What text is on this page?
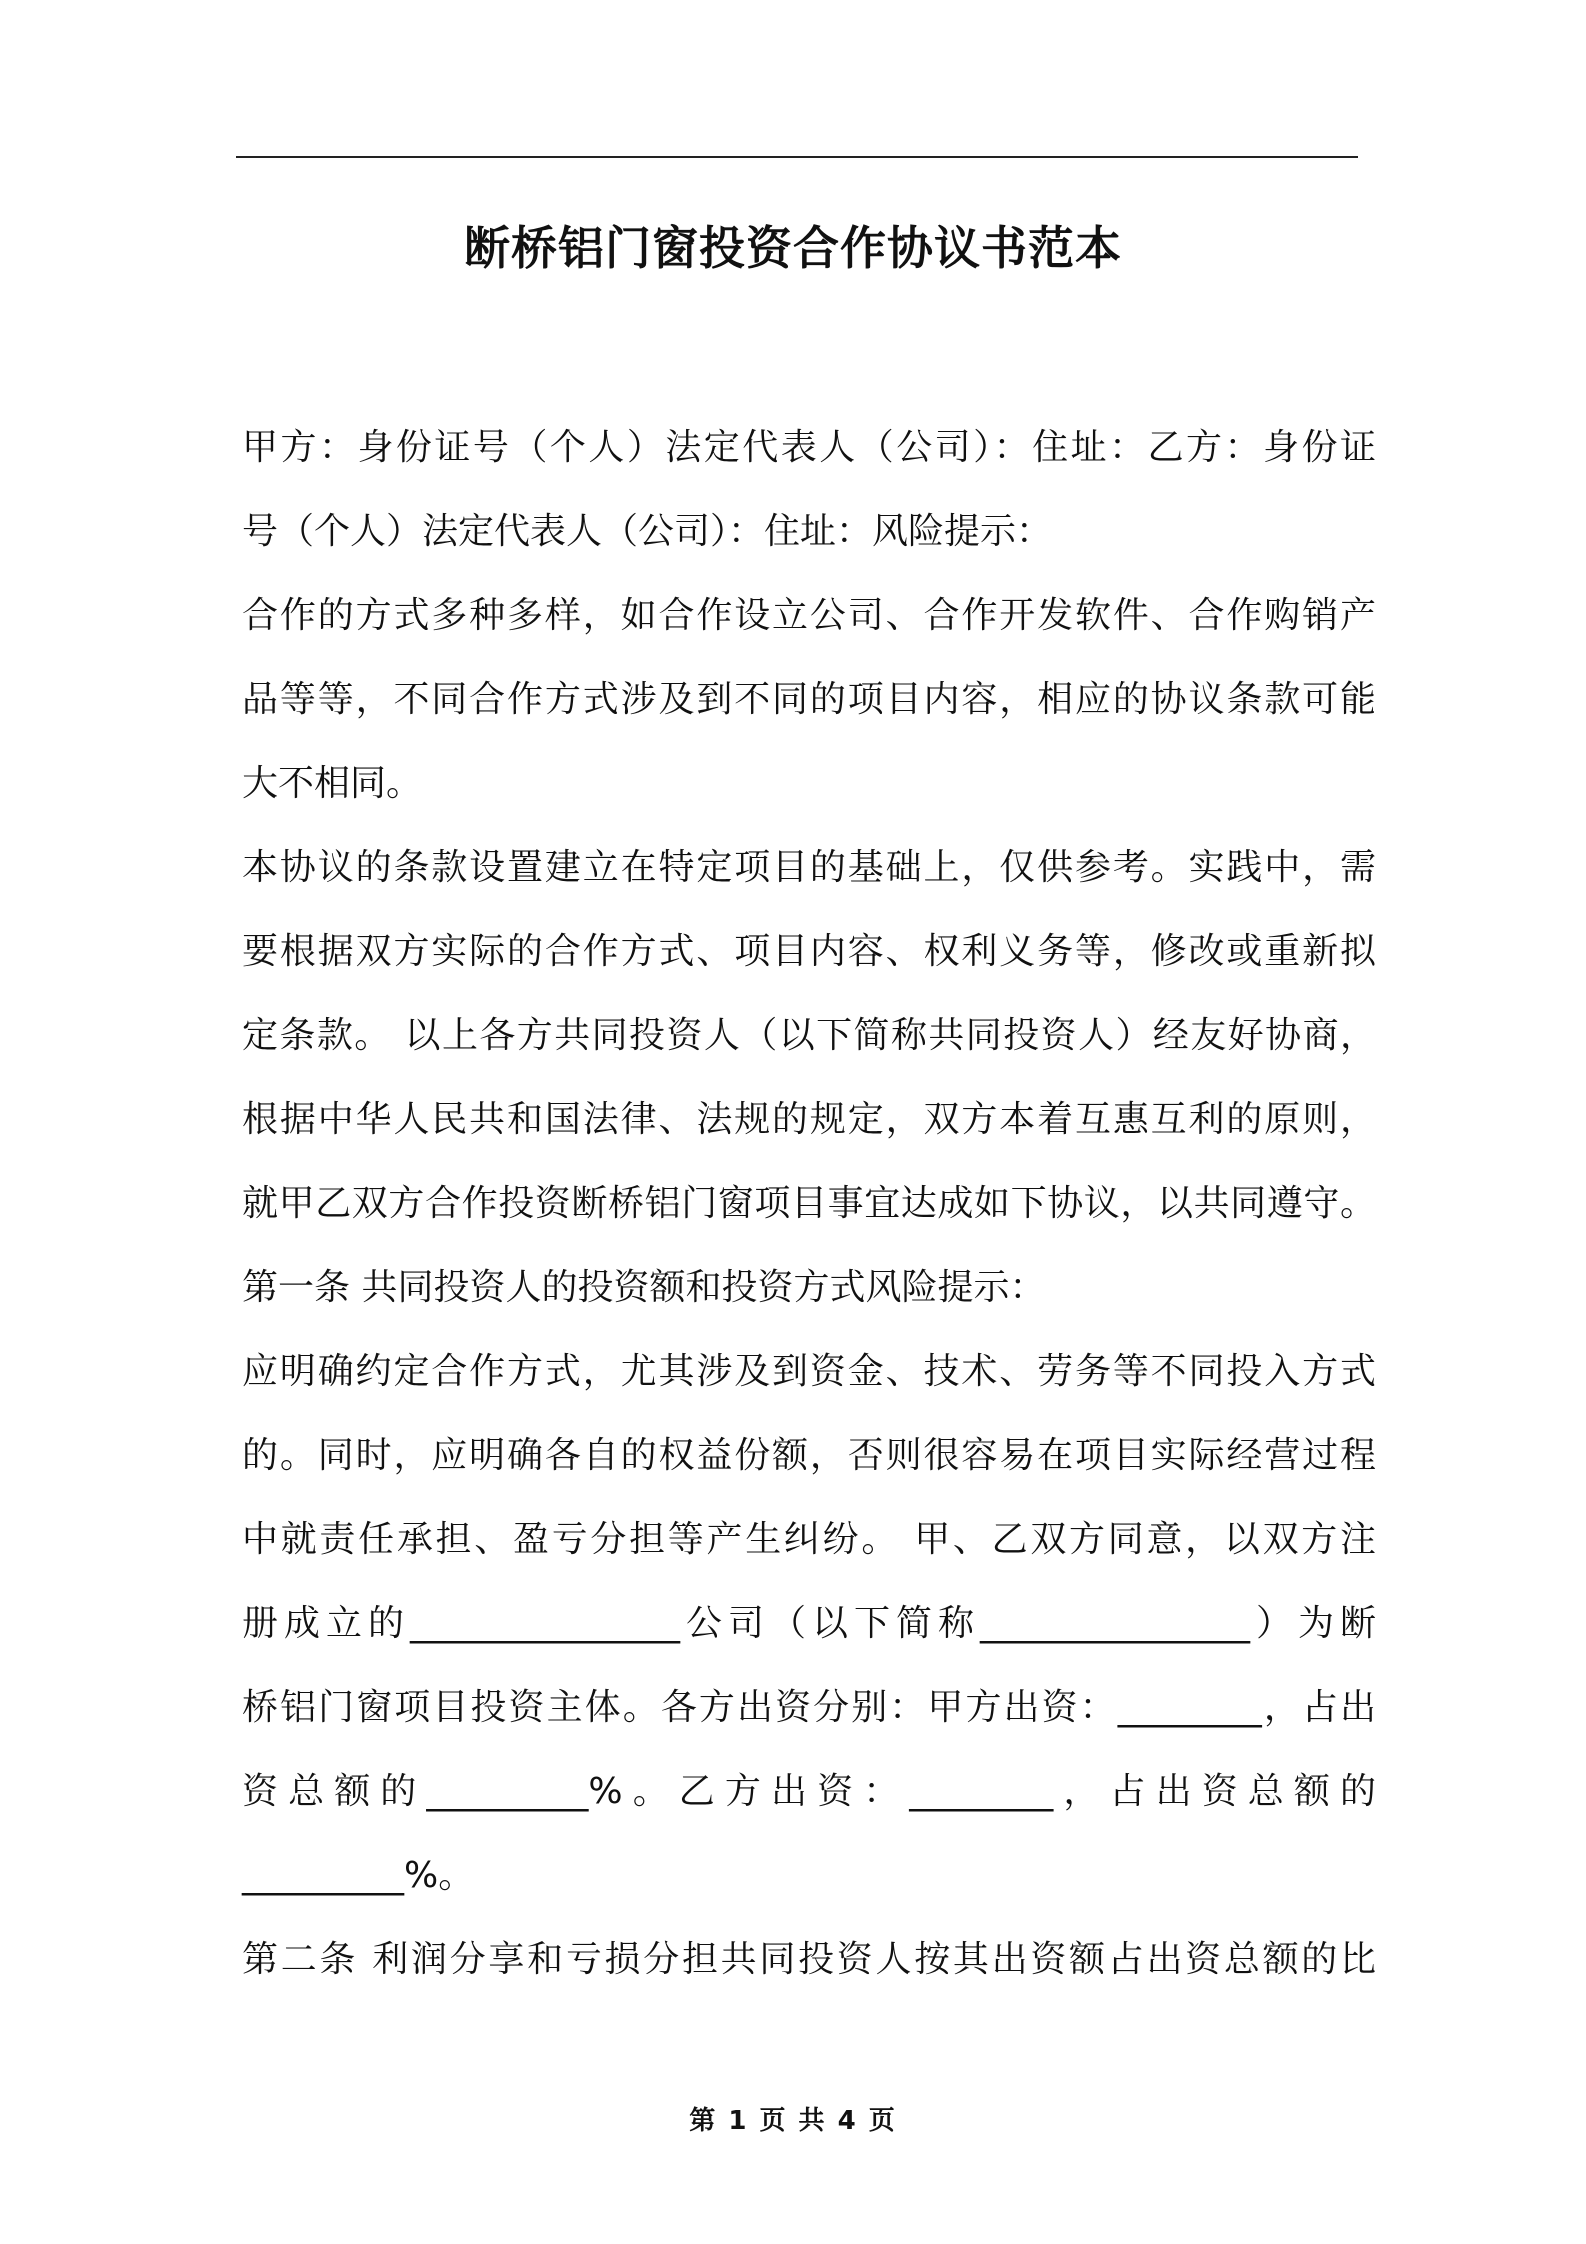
断桥铝门窗投资合作协议书范本

甲方：身份证号（个人）法定代表人（公司）：住址：乙方：身份证

号（个人）法定代表人（公司）：住址：风险提示：

合作的方式多种多样，如合作设立公司、合作开发软件、合作购销产

品等等，不同合作方式涉及到不同的项目内容，相应的协议条款可能

大不相同。

本协议的条款设置建立在特定项目的基础上，仅供参考。实践中，需

要根据双方实际的合作方式、项目内容、权利义务等，修改或重新拟

定条款。 以上各方共同投资人（以下简称共同投资人）经友好协商，

根据中华人民共和国法律、法规的规定，双方本着互惠互利的原则，

就甲乙双方合作投资断桥铝门窗项目事宜达成如下协议，以共同遵守。

第一条 共同投资人的投资额和投资方式风险提示：

应明确约定合作方式，尤其涉及到资金、技术、劳务等不同投入方式

的。同时，应明确各自的权益份额，否则很容易在项目实际经营过程

中就责任承担、盈亏分担等产生纠纷。 甲、乙双方同意，以双方注

册成立的_______________公司（以下简称_______________）为断

桥铝门窗项目投资主体。各方出资分别：甲方出资：________，占出

资总额的_________%。乙方出资：________，占出资总额的

_________%。

第二条 利润分享和亏损分担共同投资人按其出资额占出资总额的比

第 1 页 共 4 页
